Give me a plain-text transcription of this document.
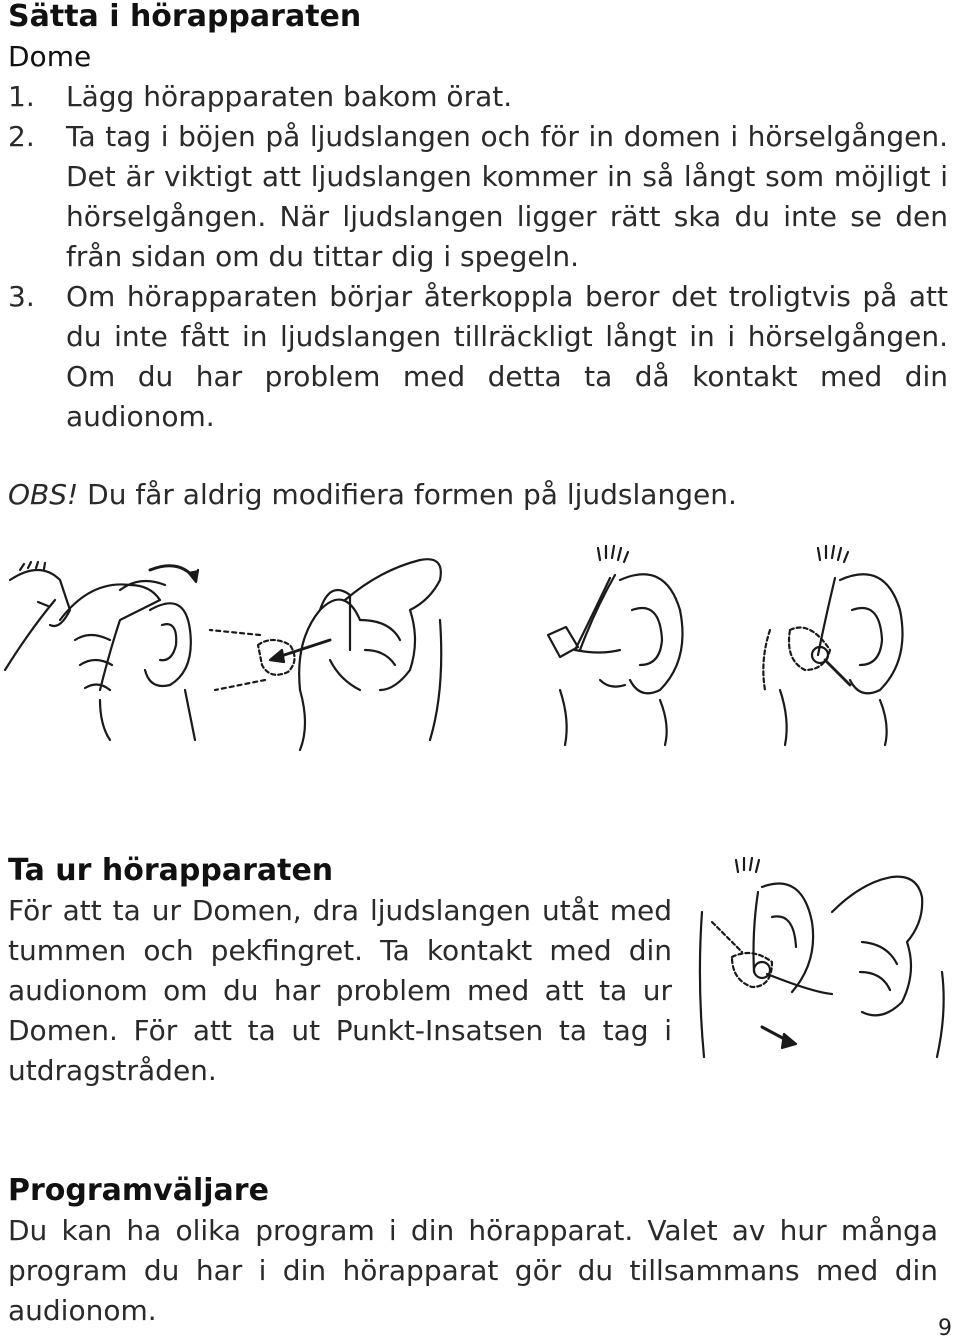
Sätta i hörapparaten
Dome
1. Lägg hörapparaten bakom örat.
2. Ta tag i böjen på ljudslangen och för in domen i hörselgången. Det är viktigt att ljudslangen kommer in så långt som möjligt i hörselgången. När ljudslangen ligger rätt ska du inte se den från sidan om du tittar dig i spegeln.
3. Om hörapparaten börjar återkoppla beror det troligtvis på att du inte fått in ljudslangen tillräckligt långt in i hörselgången. Om du har problem med detta ta då kontakt med din audionom.
OBS! Du får aldrig modifiera formen på ljudslangen.
Ta ur hörapparaten
För att ta ur Domen, dra ljudslangen utåt med tummen och pekfingret. Ta kontakt med din audionom om du har problem med att ta ur Domen. För att ta ut Punkt-Insatsen ta tag i utdragstråden.
Programväljare
Du kan ha olika program i din hörapparat. Valet av hur många program du har i din hörapparat gör du tillsammans med din audionom.
9
